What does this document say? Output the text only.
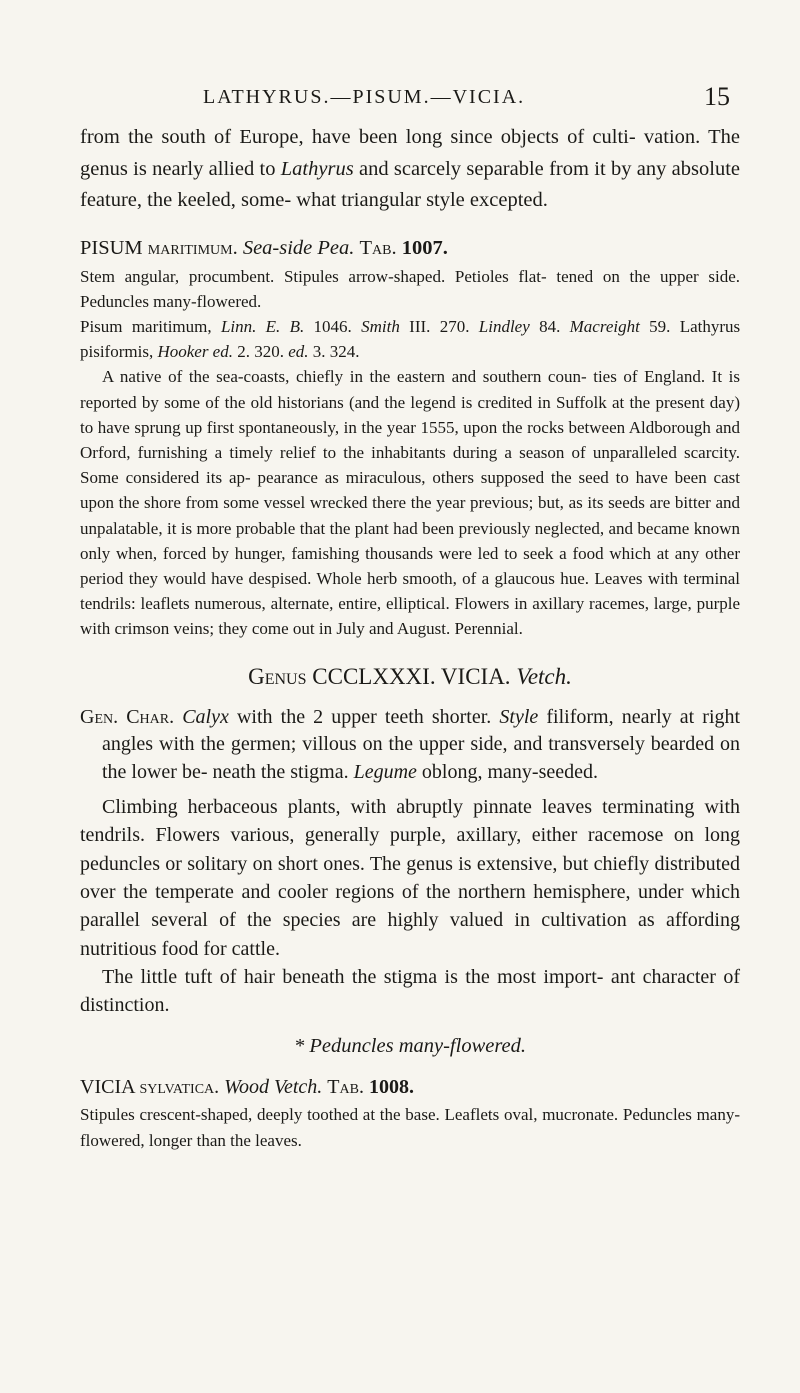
LATHYRUS.—PISUM.—VICIA.	15

from the south of Europe, have been long since objects of culti- vation. The genus is nearly allied to Lathyrus and scarcely separable from it by any absolute feature, the keeled, some- what triangular style excepted.

PISUM maritimum. Sea-side Pea. Tab. 1007.

Stem angular, procumbent. Stipules arrow-shaped. Petioles flat- tened on the upper side. Peduncles many-flowered.

Pisum maritimum, Linn. E. B. 1046. Smith III. 270. Lindley 84. Macreight 59. Lathyrus pisiformis, Hooker ed. 2. 320. ed. 3. 324.

A native of the sea-coasts, chiefly in the eastern and southern coun- ties of England. It is reported by some of the old historians (and the legend is credited in Suffolk at the present day) to have sprung up first spontaneously, in the year 1555, upon the rocks between Aldborough and Orford, furnishing a timely relief to the inhabitants during a season of unparalleled scarcity. Some considered its ap- pearance as miraculous, others supposed the seed to have been cast upon the shore from some vessel wrecked there the year previous; but, as its seeds are bitter and unpalatable, it is more probable that the plant had been previously neglected, and became known only when, forced by hunger, famishing thousands were led to seek a food which at any other period they would have despised. Whole herb smooth, of a glaucous hue. Leaves with terminal tendrils: leaflets numerous, alternate, entire, elliptical. Flowers in axillary racemes, large, purple with crimson veins; they come out in July and August. Perennial.

Genus CCCLXXXI. VICIA. Vetch.

Gen. Char. Calyx with the 2 upper teeth shorter. Style filiform, nearly at right angles with the germen; villous on the upper side, and transversely bearded on the lower be- neath the stigma. Legume oblong, many-seeded.

Climbing herbaceous plants, with abruptly pinnate leaves terminating with tendrils. Flowers various, generally purple, axillary, either racemose on long peduncles or solitary on short ones. The genus is extensive, but chiefly distributed over the temperate and cooler regions of the northern hemisphere, under which parallel several of the species are highly valued in cultivation as affording nutritious food for cattle.

The little tuft of hair beneath the stigma is the most import- ant character of distinction.

* Peduncles many-flowered.

VICIA sylvatica. Wood Vetch. Tab. 1008.

Stipules crescent-shaped, deeply toothed at the base. Leaflets oval, mucronate. Peduncles many-flowered, longer than the leaves.
